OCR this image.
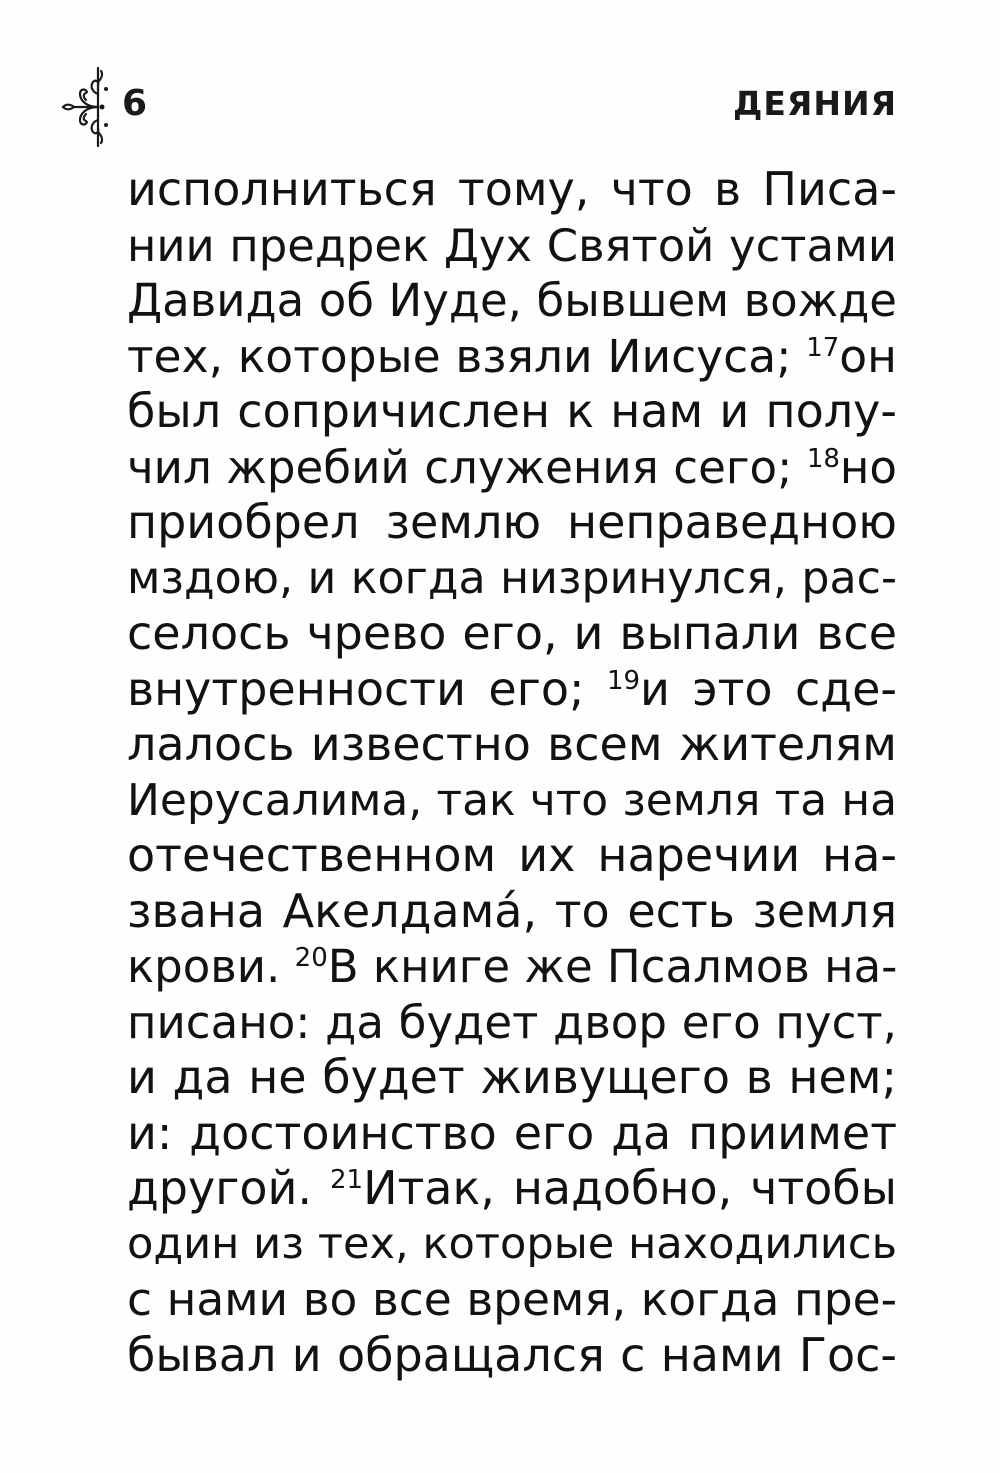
6	ДЕЯНИЯ
исполниться тому, что в Писа-
нии предрек Дух Святой устами
Давида об Иуде, бывшем вожде
тех, которые взяли Иисуса; $^{17}$он
был сопричислен к нам и полу-
чил жребий служения сего; $^{18}$но
приобрел землю неправедною
мздою, и когда низринулся, рас-
селось чрево его, и выпали все
внутренности его; $^{19}$и это сде-
лалось известно всем жителям
Иерусалима, так что земля та на
отечественном их наречии на-
звана Акелдамá, то есть земля
крови. $^{20}$В книге же Псалмов на-
писано: да будет двор его пуст,
и да не будет живущего в нем;
и: достоинство его да приимет
другой. $^{21}$Итак, надобно, чтобы
один из тех, которые находились
с нами во все время, когда пре-
бывал и обращался с нами Гос-
